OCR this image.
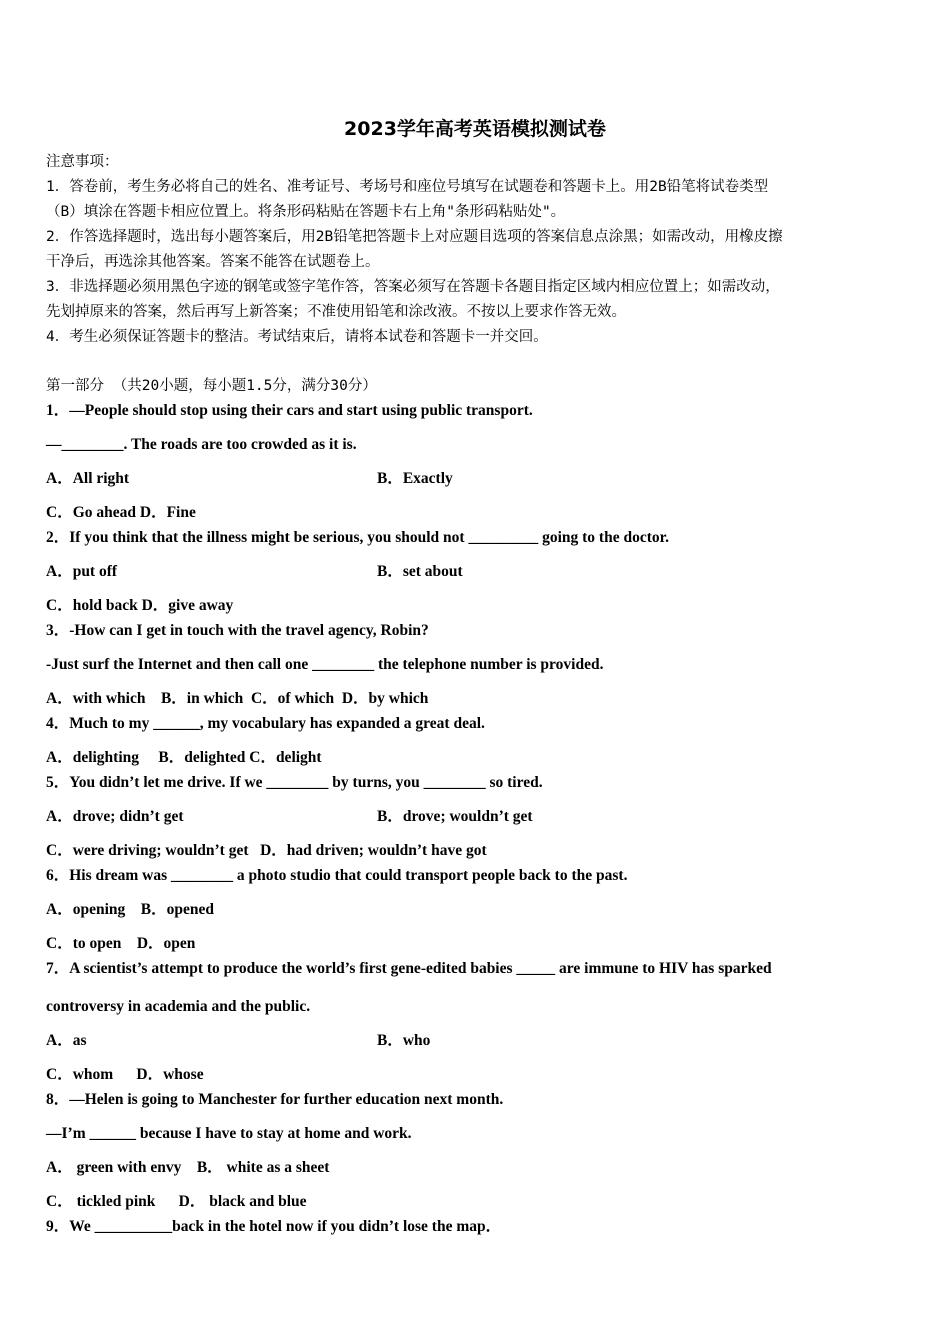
2023学年高考英语模拟测试卷
注意事项：
1．答卷前，考生务必将自己的姓名、准考证号、考场号和座位号填写在试题卷和答题卡上。用2B铅笔将试卷类型
（B）填涂在答题卡相应位置上。将条形码粘贴在答题卡右上角"条形码粘贴处"。
2．作答选择题时，选出每小题答案后，用2B铅笔把答题卡上对应题目选项的答案信息点涂黑；如需改动，用橡皮擦
干净后，再选涂其他答案。答案不能答在试题卷上。
3．非选择题必须用黑色字迹的钢笔或签字笔作答，答案必须写在答题卡各题目指定区域内相应位置上；如需改动，
先划掉原来的答案，然后再写上新答案；不准使用铅笔和涂改液。不按以上要求作答无效。
4．考生必须保证答题卡的整洁。考试结束后，请将本试卷和答题卡一并交回。
第一部分 （共20小题，每小题1.5分，满分30分）
1．—People should stop using their cars and start using public transport.
—________. The roads are too crowded as it is.
A．All right	B．Exactly
C．Go ahead D．Fine
2．If you think that the illness might be serious, you should not _________ going to the doctor.
A．put off	B．set about
C．hold back D．give away
3．-How can I get in touch with the travel agency, Robin?
-Just surf the Internet and then call one ________ the telephone number is provided.
A．with which    B．in which  C．of which  D．by which
4．Much to my ______, my vocabulary has expanded a great deal.
A．delighting     B．delighted C．delight
5．You didn’t let me drive. If we ________ by turns, you ________ so tired.
A．drove; didn’t get	B．drove; wouldn’t get
C．were driving; wouldn’t get   D．had driven; wouldn’t have got
6．His dream was ________ a photo studio that could transport people back to the past.
A．opening    B．opened
C．to open    D．open
7．A scientist’s attempt to produce the world’s first gene-edited babies _____ are immune to HIV has sparked
controversy in academia and the public.
A．as	B．who
C．whom      D．whose
8．—Helen is going to Manchester for further education next month.
—I’m ______ because I have to stay at home and work.
A． green with envy    B． white as a sheet
C． tickled pink      D． black and blue
9．We __________back in the hotel now if you didn’t lose the map．
